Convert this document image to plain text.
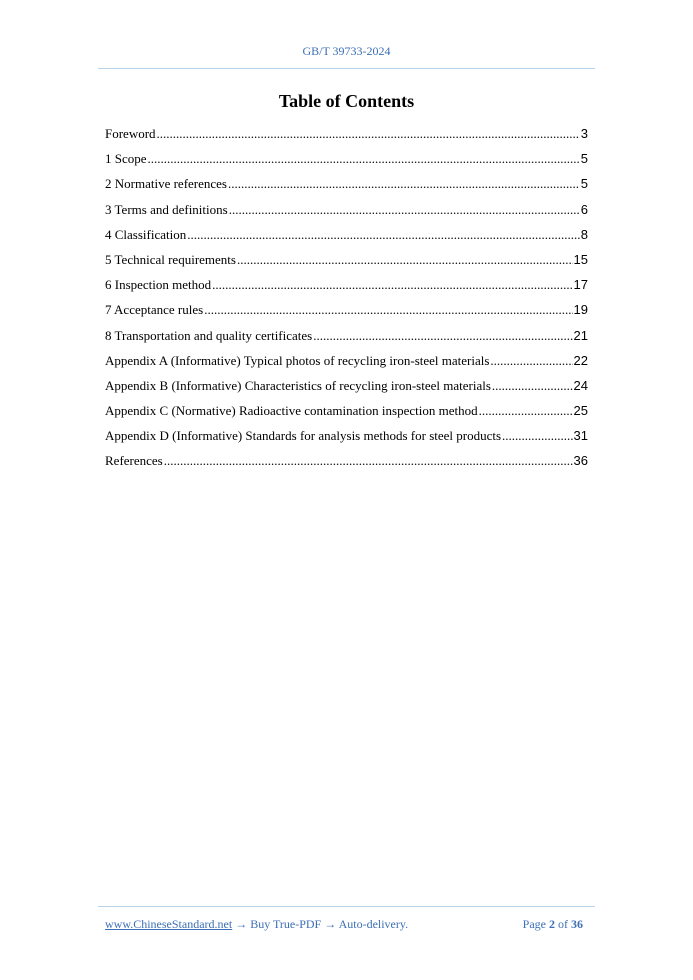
GB/T 39733-2024
Table of Contents
Foreword .....	3
1 Scope .....	5
2 Normative references .....	5
3 Terms and definitions .....	6
4 Classification .....	8
5 Technical requirements .....	15
6 Inspection method .....	17
7 Acceptance rules .....	19
8 Transportation and quality certificates .....	21
Appendix A (Informative) Typical photos of recycling iron-steel materials .....	22
Appendix B (Informative) Characteristics of recycling iron-steel materials .....	24
Appendix C (Normative) Radioactive contamination inspection method .....	25
Appendix D (Informative) Standards for analysis methods for steel products .....	31
References .....	36
www.ChineseStandard.net → Buy True-PDF → Auto-delivery.	Page 2 of 36
